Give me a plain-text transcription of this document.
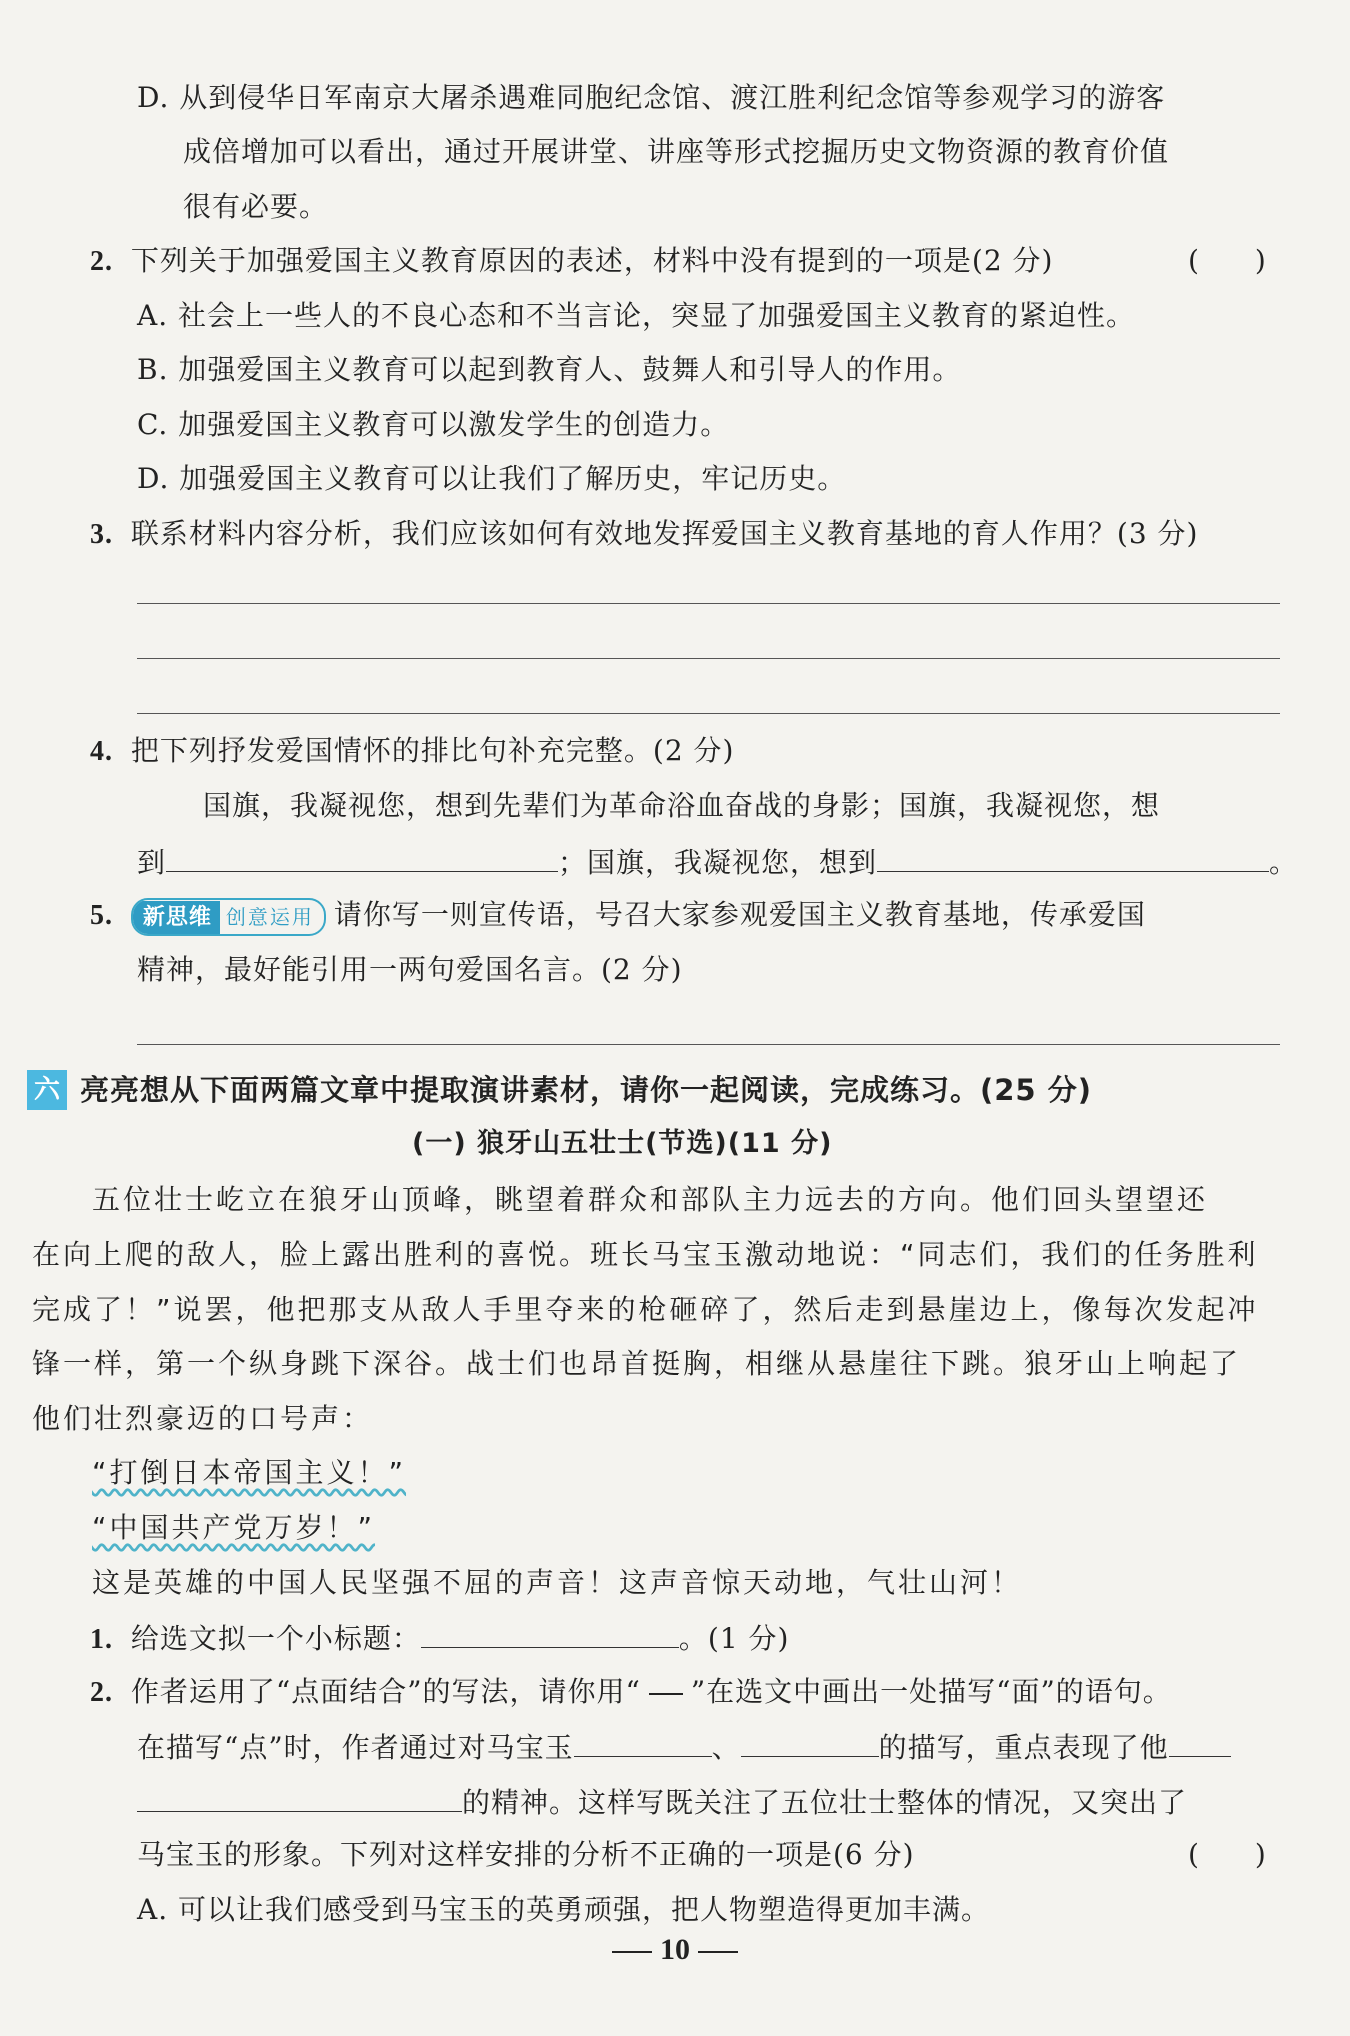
D. 从到侵华日军南京大屠杀遇难同胞纪念馆、渡江胜利纪念馆等参观学习的游客
成倍增加可以看出，通过开展讲堂、讲座等形式挖掘历史文物资源的教育价值
很有必要。
2. 下列关于加强爱国主义教育原因的表述，材料中没有提到的一项是(2 分)	(　　)
A. 社会上一些人的不良心态和不当言论，突显了加强爱国主义教育的紧迫性。
B. 加强爱国主义教育可以起到教育人、鼓舞人和引导人的作用。
C. 加强爱国主义教育可以激发学生的创造力。
D. 加强爱国主义教育可以让我们了解历史，牢记历史。
3. 联系材料内容分析，我们应该如何有效地发挥爱国主义教育基地的育人作用？(3 分)
4. 把下列抒发爱国情怀的排比句补充完整。(2 分)
国旗，我凝视您，想到先辈们为革命浴血奋战的身影；国旗，我凝视您，想
到	；国旗，我凝视您，想到	。
5. 新思维 创意运用 请你写一则宣传语，号召大家参观爱国主义教育基地，传承爱国
精神，最好能引用一两句爱国名言。(2 分)
六 亮亮想从下面两篇文章中提取演讲素材，请你一起阅读，完成练习。(25 分)
(一) 狼牙山五壮士(节选)(11 分)
五位壮士屹立在狼牙山顶峰，眺望着群众和部队主力远去的方向。他们回头望望还
在向上爬的敌人，脸上露出胜利的喜悦。班长马宝玉激动地说：“同志们，我们的任务胜利
完成了！”说罢，他把那支从敌人手里夺来的枪砸碎了，然后走到悬崖边上，像每次发起冲
锋一样，第一个纵身跳下深谷。战士们也昂首挺胸，相继从悬崖往下跳。狼牙山上响起了
他们壮烈豪迈的口号声：
“打倒日本帝国主义！”
“中国共产党万岁！”
这是英雄的中国人民坚强不屈的声音！这声音惊天动地，气壮山河！
1. 给选文拟一个小标题：	。(1 分)
2. 作者运用了“点面结合”的写法，请你用“ ”在选文中画出一处描写“面”的语句。
在描写“点”时，作者通过对马宝玉	、	的描写，重点表现了他
的精神。这样写既关注了五位壮士整体的情况，又突出了
马宝玉的形象。下列对这样安排的分析不正确的一项是(6 分)	(　　)
A. 可以让我们感受到马宝玉的英勇顽强，把人物塑造得更加丰满。
10
